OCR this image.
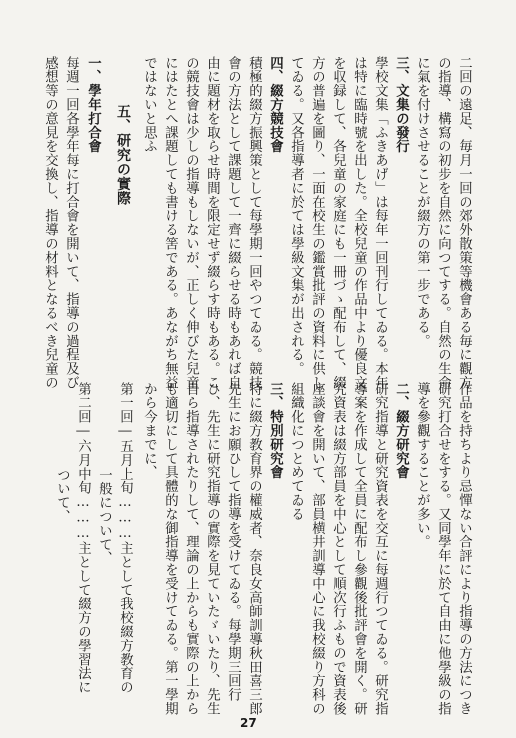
二回の遠足、毎月一回の郊外散策等機會ある毎に觀方
の指導、構寫の初步を自然に向つてする。自然の生命
に氣を付けさせることが綴方の第一步である。
三、文集の發行
學校文集「ふきあげ」は每年一回刊行してゐる。本年
は特に臨時號を出した。全校兒童の作品中より優良文
を収録して、各兒童の家庭にも一冊づゝ配布して、綴
方の普遍を圖り、一面在校生の鑑賞批評の資料に供し
てゐる。又各指導者に於ては學級文集が出される。
四、綴方競技會
積極的綴方振興策として每學期一回やつてゐる。競技
會の方法として課題して一齊に綴らせる時もあれば自
由に題材を取らせ時間を限定せず綴らす時もある。こ
の競技會は少しの指導もしないが、正しく伸びた兒童
にはたとへ課題しても書ける筈である。あながち無益
ではないと思ふ
五、研究の實際
一、學年打合會
每週一回各學年每に打合會を開いて、指導の過程及び
感想等の意見を交換し、指導の材料となるべき兒童の
作品を持ちより忌憚ない合評により指導の方法につき
研究打合せをする。又同學年に於て自由に他學級の指
導を參觀することが多い。
二、綴方研究會
研究指導と研究資表を交互に每週行つてゐる。研究指
導案を作成して全員に配布し參觀後批評會を開く。研
究資表は綴方部員を中心として順次行ふもので資表後
座談會を開いて、部員横井訓導中心に我校綴り方科の
組織化につとめてゐる
三、特別研究會
特に綴方教育界の權威者、奈良女高師訓導秋田喜三郎
先生にお願ひして指導を受けてゐる。每學期三回行
ひ、先生に研究指導の實際を見ていたゞいたり、先生
自ら指導されたりして、理論の上からも實際の上から
も適切にして具體的な御指導を受けてゐる。第一學期
から今までに、
第一回―五月上旬………主として我校綴方教育の
一般について、
第二回―六月中旬………主として綴方の學習法に
ついて、
27
